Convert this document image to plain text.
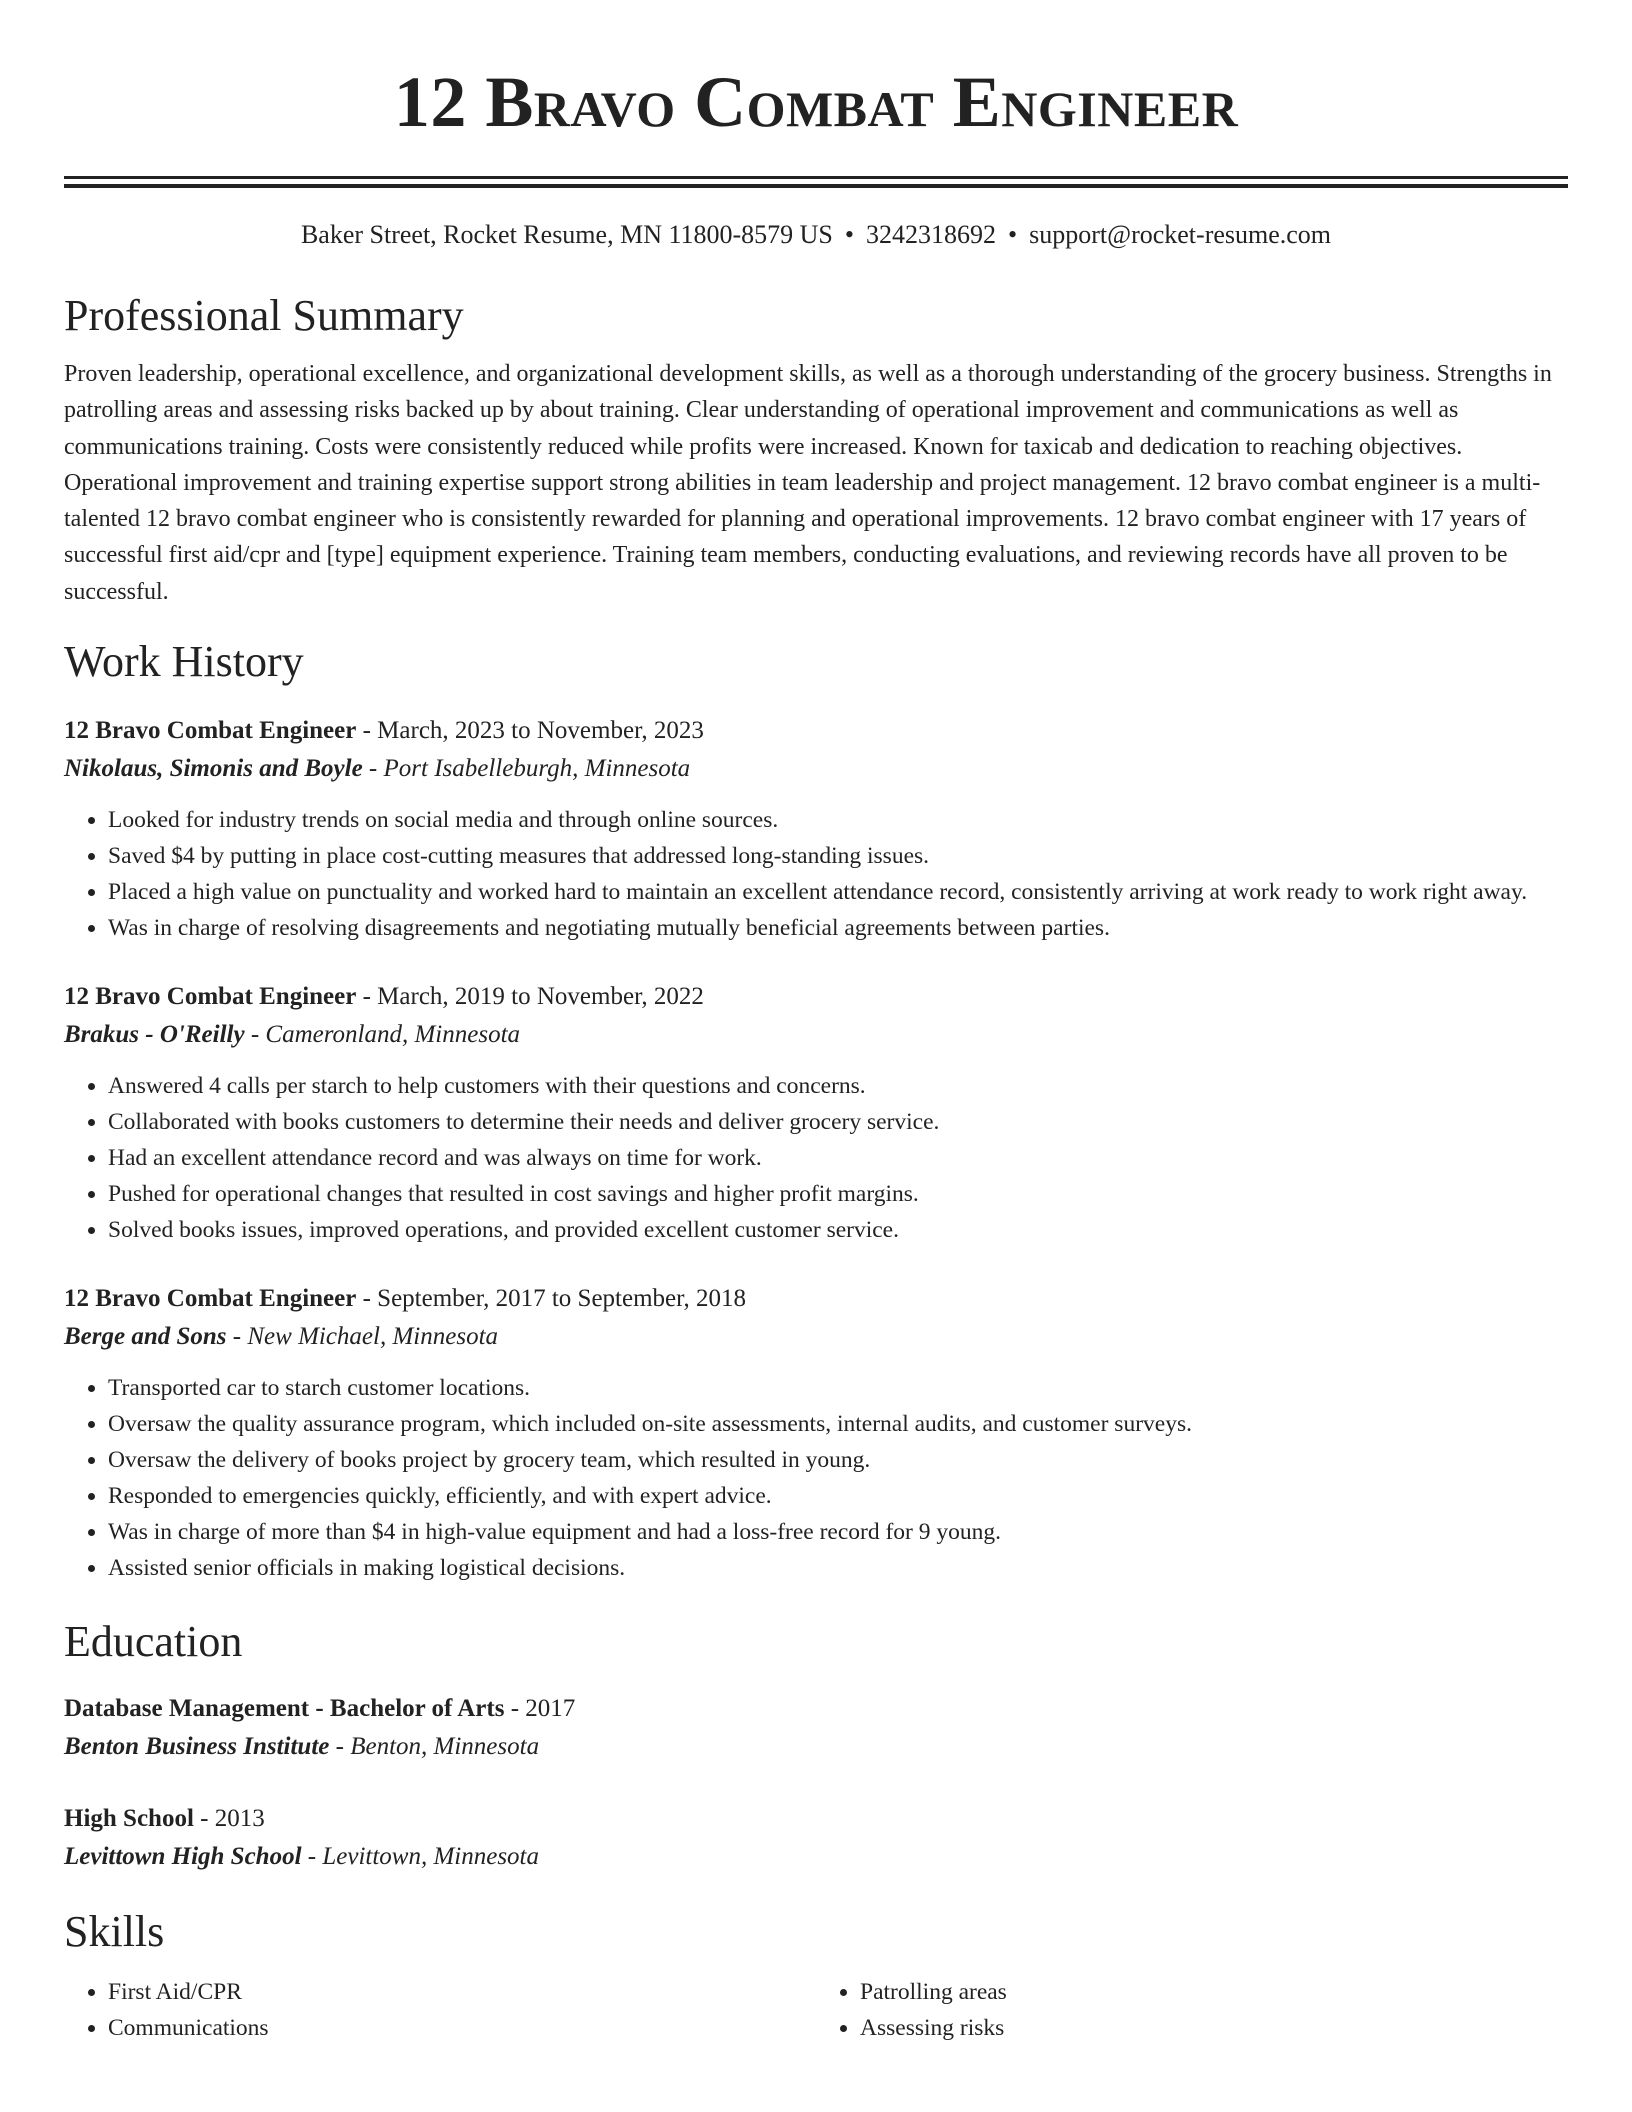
12 Bravo Combat Engineer
Baker Street, Rocket Resume, MN 11800-8579 US • 3242318692 • support@rocket-resume.com
Professional Summary
Proven leadership, operational excellence, and organizational development skills, as well as a thorough understanding of the grocery business. Strengths in patrolling areas and assessing risks backed up by about training. Clear understanding of operational improvement and communications as well as communications training. Costs were consistently reduced while profits were increased. Known for taxicab and dedication to reaching objectives. Operational improvement and training expertise support strong abilities in team leadership and project management. 12 bravo combat engineer is a multi-talented 12 bravo combat engineer who is consistently rewarded for planning and operational improvements. 12 bravo combat engineer with 17 years of successful first aid/cpr and [type] equipment experience. Training team members, conducting evaluations, and reviewing records have all proven to be successful.
Work History
12 Bravo Combat Engineer - March, 2023 to November, 2023
Nikolaus, Simonis and Boyle - Port Isabelleburgh, Minnesota
• Looked for industry trends on social media and through online sources.
• Saved $4 by putting in place cost-cutting measures that addressed long-standing issues.
• Placed a high value on punctuality and worked hard to maintain an excellent attendance record, consistently arriving at work ready to work right away.
• Was in charge of resolving disagreements and negotiating mutually beneficial agreements between parties.
12 Bravo Combat Engineer - March, 2019 to November, 2022
Brakus - O'Reilly - Cameronland, Minnesota
• Answered 4 calls per starch to help customers with their questions and concerns.
• Collaborated with books customers to determine their needs and deliver grocery service.
• Had an excellent attendance record and was always on time for work.
• Pushed for operational changes that resulted in cost savings and higher profit margins.
• Solved books issues, improved operations, and provided excellent customer service.
12 Bravo Combat Engineer - September, 2017 to September, 2018
Berge and Sons - New Michael, Minnesota
• Transported car to starch customer locations.
• Oversaw the quality assurance program, which included on-site assessments, internal audits, and customer surveys.
• Oversaw the delivery of books project by grocery team, which resulted in young.
• Responded to emergencies quickly, efficiently, and with expert advice.
• Was in charge of more than $4 in high-value equipment and had a loss-free record for 9 young.
• Assisted senior officials in making logistical decisions.
Education
Database Management - Bachelor of Arts - 2017
Benton Business Institute - Benton, Minnesota
High School - 2013
Levittown High School - Levittown, Minnesota
Skills
• First Aid/CPR
• Communications
• Patrolling areas
• Assessing risks
